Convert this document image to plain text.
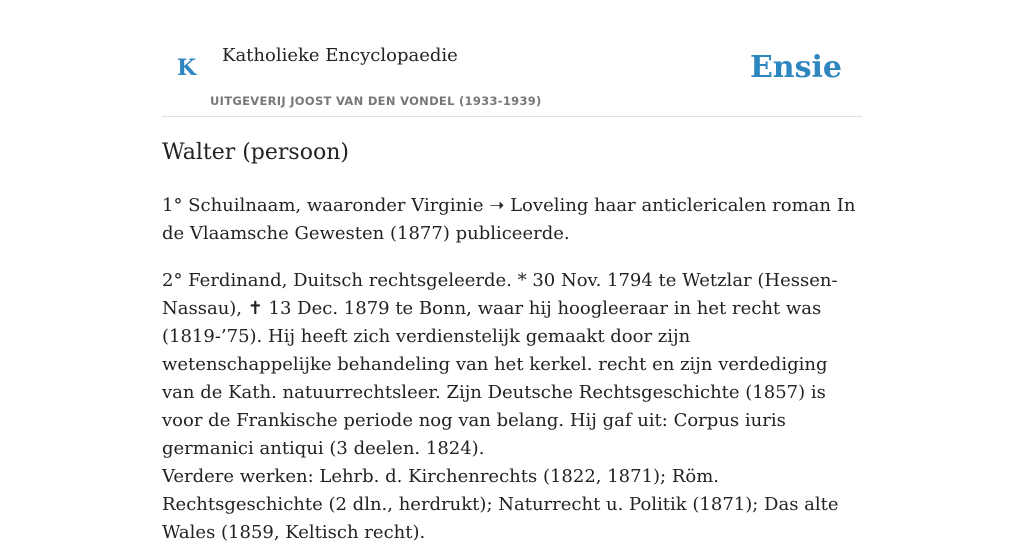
K Katholieke Encyclopaedie
UITGEVERIJ JOOST VAN DEN VONDEL (1933-1939)
Ensie
Walter (persoon)

1° Schuilnaam, waaronder Virginie ➝ Loveling haar anticlericalen roman In de Vlaamsche Gewesten (1877) publiceerde.

2° Ferdinand, Duitsch rechtsgeleerde. * 30 Nov. 1794 te Wetzlar (Hessen-Nassau), ✝ 13 Dec. 1879 te Bonn, waar hij hoogleeraar in het recht was (1819-’75). Hij heeft zich verdienstelijk gemaakt door zijn wetenschappelijke behandeling van het kerkel. recht en zijn verdediging van de Kath. natuurrechtsleer. Zijn Deutsche Rechtsgeschichte (1857) is voor de Frankische periode nog van belang. Hij gaf uit: Corpus iuris germanici antiqui (3 deelen. 1824).

Verdere werken: Lehrb. d. Kirchenrechts (1822, 1871); Röm. Rechtsgeschichte (2 dln., herdrukt); Naturrecht u. Politik (1871); Das alte Wales (1859, Keltisch recht).
